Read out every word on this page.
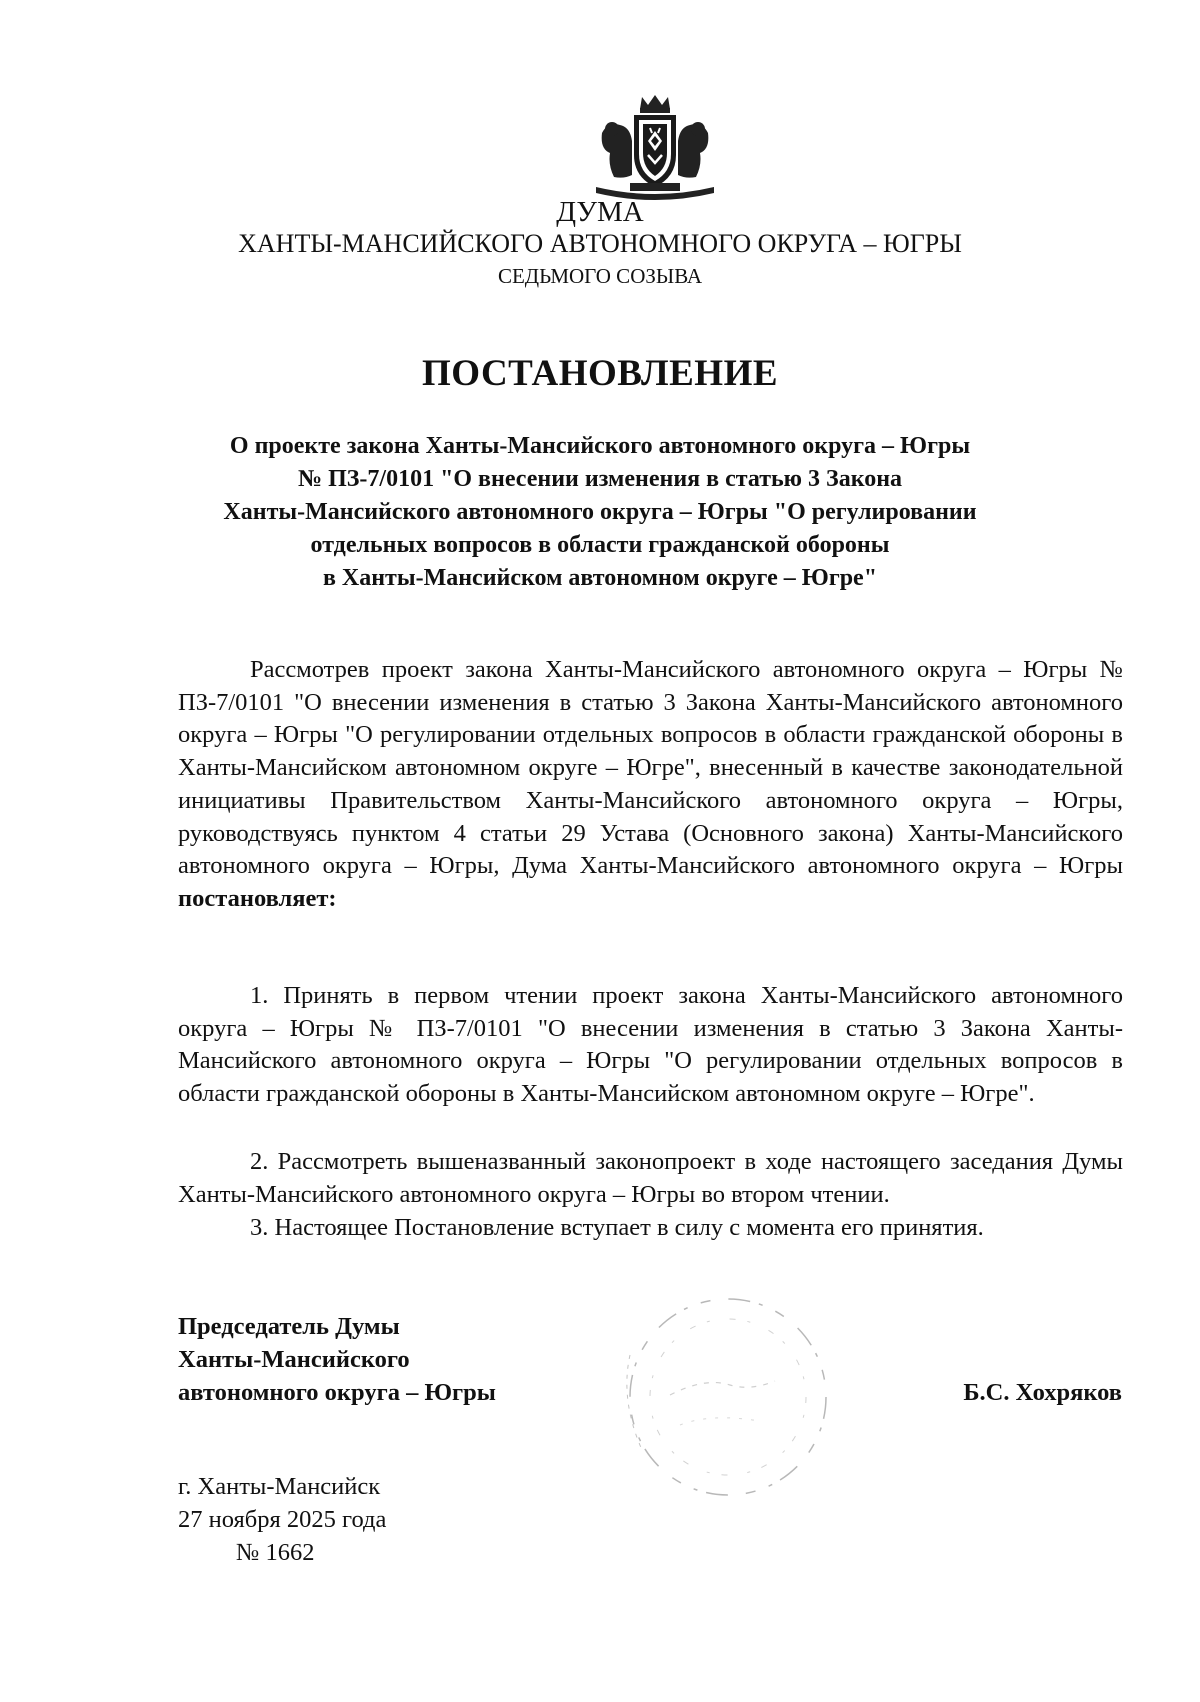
ДУМА
ХАНТЫ-МАНСИЙСКОГО АВТОНОМНОГО ОКРУГА – ЮГРЫ
СЕДЬМОГО СОЗЫВА
ПОСТАНОВЛЕНИЕ
О проекте закона Ханты-Мансийского автономного округа – Югры
№ ПЗ-7/0101 "О внесении изменения в статью 3 Закона
Ханты-Мансийского автономного округа – Югры "О регулировании
отдельных вопросов в области гражданской обороны
в Ханты-Мансийском автономном округе – Югре"
Рассмотрев проект закона Ханты-Мансийского автономного округа – Югры № ПЗ-7/0101 "О внесении изменения в статью 3 Закона Ханты-Мансийского автономного округа – Югры "О регулировании отдельных вопросов в области гражданской обороны в Ханты-Мансийском автономном округе – Югре", внесенный в качестве законодательной инициативы Правительством Ханты-Мансийского автономного округа – Югры, руководствуясь пунктом 4 статьи 29 Устава (Основного закона) Ханты-Мансийского автономного округа – Югры, Дума Ханты-Мансийского автономного округа – Югры постановляет:
1. Принять в первом чтении проект закона Ханты-Мансийского автономного округа – Югры № ПЗ-7/0101 "О внесении изменения в статью 3 Закона Ханты-Мансийского автономного округа – Югры "О регулировании отдельных вопросов в области гражданской обороны в Ханты-Мансийском автономном округе – Югре".
2. Рассмотреть вышеназванный законопроект в ходе настоящего заседания Думы Ханты-Мансийского автономного округа – Югры во втором чтении.
3. Настоящее Постановление вступает в силу с момента его принятия.
Председатель Думы
Ханты-Мансийского
автономного округа – Югры	Б.С. Хохряков
г. Ханты-Мансийск
27 ноября 2025 года
№ 1662
